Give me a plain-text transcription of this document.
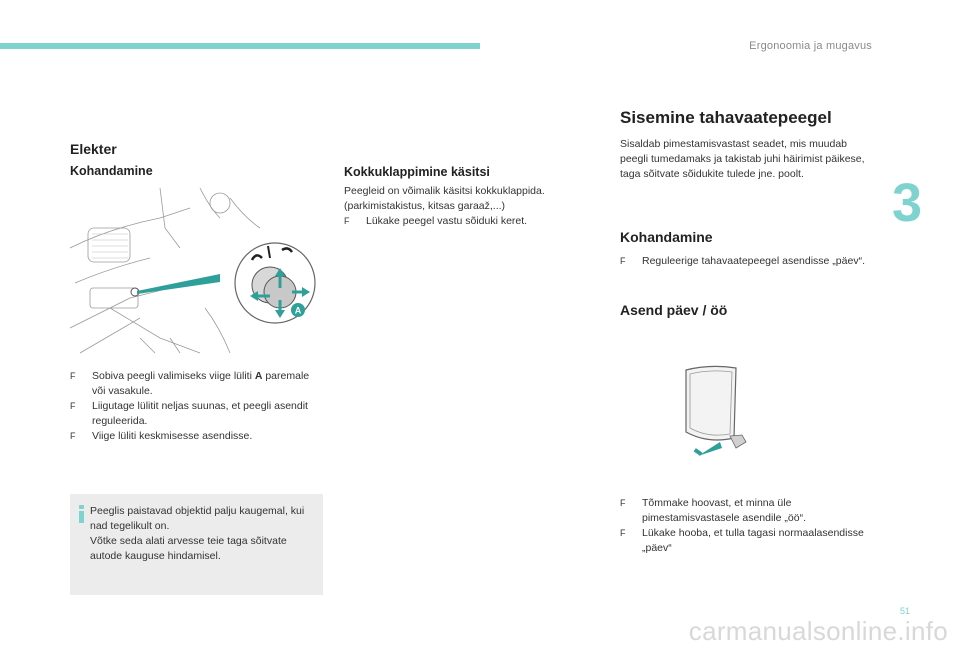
Ergonoomia ja mugavus
3
Elekter
Kohandamine
A
F Sobiva peegli valimiseks viige lüliti A paremale või vasakule.
F Liigutage lülitit neljas suunas, et peegli asendit reguleerida.
F Viige lüliti keskmisesse asendisse.

Peeglis paistavad objektid palju kaugemal, kui nad tegelikult on.

Võtke seda alati arvesse teie taga sõitvate autode kauguse hindamisel.

Kokkuklappimine käsitsi

Peegleid on võimalik käsitsi kokkuklappida. (parkimistakistus, kitsas garaaž,...)

F Lükake peegel vastu sõiduki keret.
Sisemine tahavaatepeegel

Sisaldab pimestamisvastast seadet, mis muudab peegli tumedamaks ja takistab juhi häirimist päikese, taga sõitvate sõidukite tulede jne. poolt.

Kohandamine
F Reguleerige tahavaatepeegel asendisse „päev“.
Asend päev / öö
F Tõmmake hoovast, et minna üle pimestamisvastasele asendile „öö“.
F Lükake hooba, et tulla tagasi normaalasendisse „päev“
51
carmanualsonline.info
